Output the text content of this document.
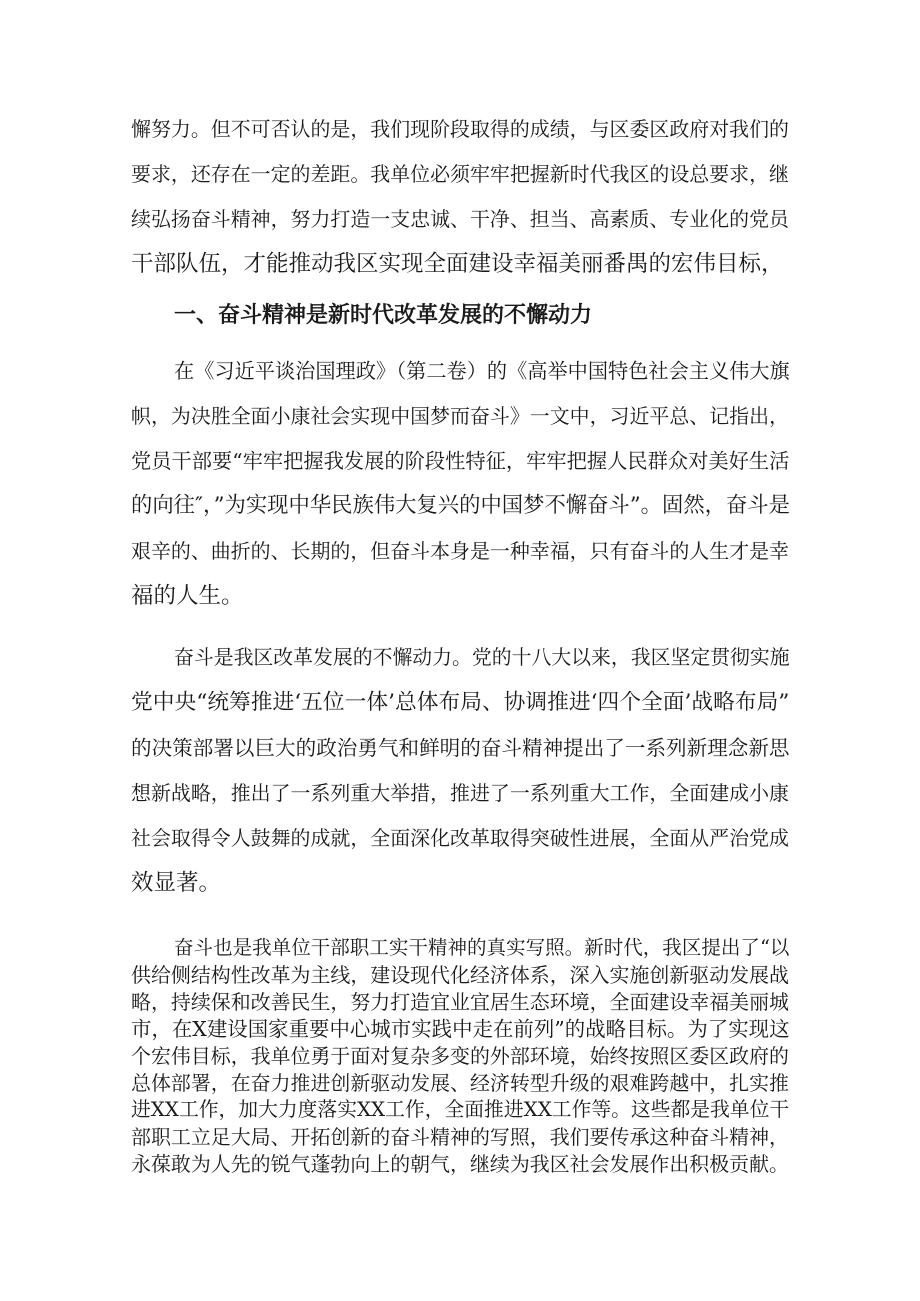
懈努力。但不可否认的是，我们现阶段取得的成绩，与区委区政府对我们的
要求，还存在一定的差距。我单位必须牢牢把握新时代我区的设总要求，继
续弘扬奋斗精神，努力打造一支忠诚、干净、担当、高素质、专业化的党员
干部队伍，才能推动我区实现全面建设幸福美丽番禺的宏伟目标，
一、奋斗精神是新时代改革发展的不懈动力
在《习近平谈治国理政》（第二卷）的《高举中国特色社会主义伟大旗
帜，为决胜全面小康社会实现中国梦而奋斗》一文中，习近平总、记指出，
党员干部要“牢牢把握我发展的阶段性特征，牢牢把握人民群众对美好生活
的向往″，”为实现中华民族伟大复兴的中国梦不懈奋斗”。固然，奋斗是
艰辛的、曲折的、长期的，但奋斗本身是一种幸福，只有奋斗的人生才是幸
福的人生。
奋斗是我区改革发展的不懈动力。党的十八大以来，我区坚定贯彻实施
党中央“统筹推进‘五位一体’总体布局、协调推进‘四个全面’战略布局”
的决策部署以巨大的政治勇气和鲜明的奋斗精神提出了一系列新理念新思
想新战略，推出了一系列重大举措，推进了一系列重大工作，全面建成小康
社会取得令人鼓舞的成就，全面深化改革取得突破性进展，全面从严治党成
效显著。
奋斗也是我单位干部职工实干精神的真实写照。新时代，我区提出了“以
供给侧结构性改革为主线，建设现代化经济体系，深入实施创新驱动发展战
略，持续保和改善民生，努力打造宜业宜居生态环境，全面建设幸福美丽城
市，在X建设国家重要中心城市实践中走在前列”的战略目标。为了实现这
个宏伟目标，我单位勇于面对复杂多变的外部环境，始终按照区委区政府的
总体部署，在奋力推进创新驱动发展、经济转型升级的艰难跨越中，扎实推
进XX工作，加大力度落实XX工作，全面推进XX工作等。这些都是我单位干
部职工立足大局、开拓创新的奋斗精神的写照，我们要传承这种奋斗精神，
永葆敢为人先的锐气蓬勃向上的朝气，继续为我区社会发展作出积极贡献。
